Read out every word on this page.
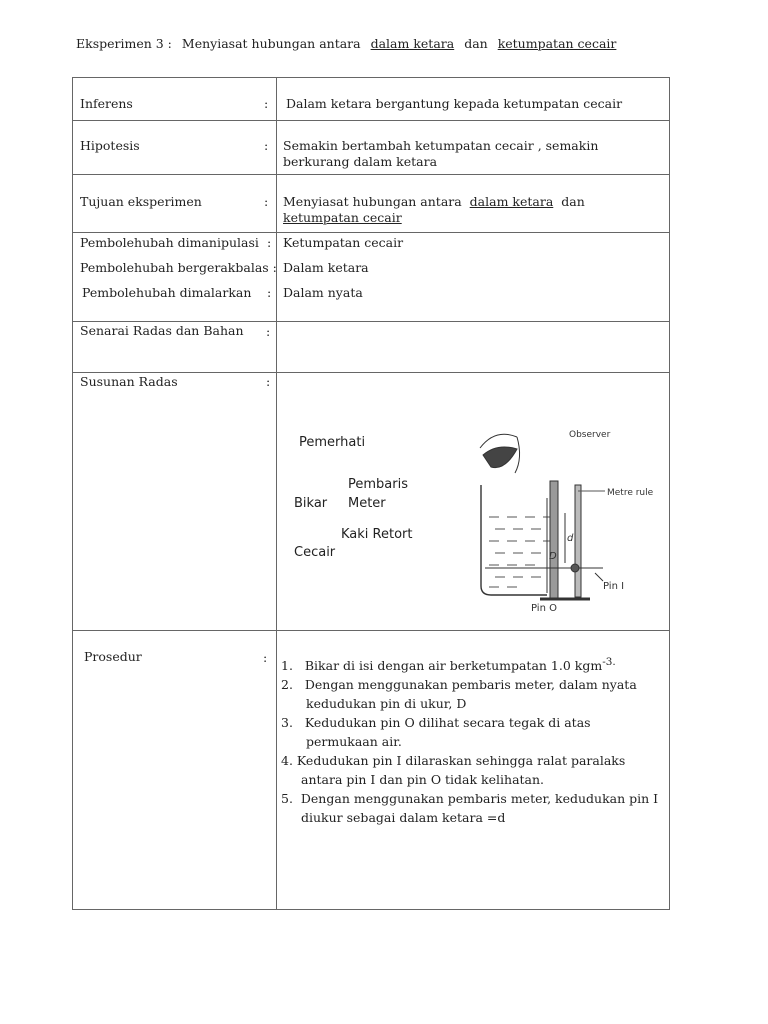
Eksperimen 3 : Menyiasat hubungan antara dalam ketara dan ketumpatan cecair
Inferens	: Dalam ketara bergantung kepada ketumpatan cecair
Hipotesis	: Semakin bertambah ketumpatan cecair , semakin berkurang dalam ketara
Tujuan eksperimen	: Menyiasat hubungan antara dalam ketara dan  ketumpatan cecair
Pembolehubah dimanipulasi : Ketumpatan cecair
Pembolehubah bergerakbalas : Dalam ketara
Pembolehubah dimalarkan : Dalam nyata
Senarai Radas dan Bahan :
Susunan Radas	:
Prosedur	:
1. Bikar di isi dengan air berketumpatan 1.0 kgm$^{-3.}$
2. Dengan menggunakan pembaris meter, dalam nyata kedudukan pin di ukur, D
3. Kedudukan pin O dilihat secara tegak di atas permukaan air.
4. Kedudukan pin I dilaraskan sehingga ralat paralaks antara pin I dan pin O tidak kelihatan.
5. Dengan menggunakan pembaris meter, kedudukan pin I diukur sebagai dalam ketara =d
Pemerhati
Pembaris
Meter
Bikar
Kaki Retort
Cecair
Observer
Metre rule
Pin I
Pin O
d
D
